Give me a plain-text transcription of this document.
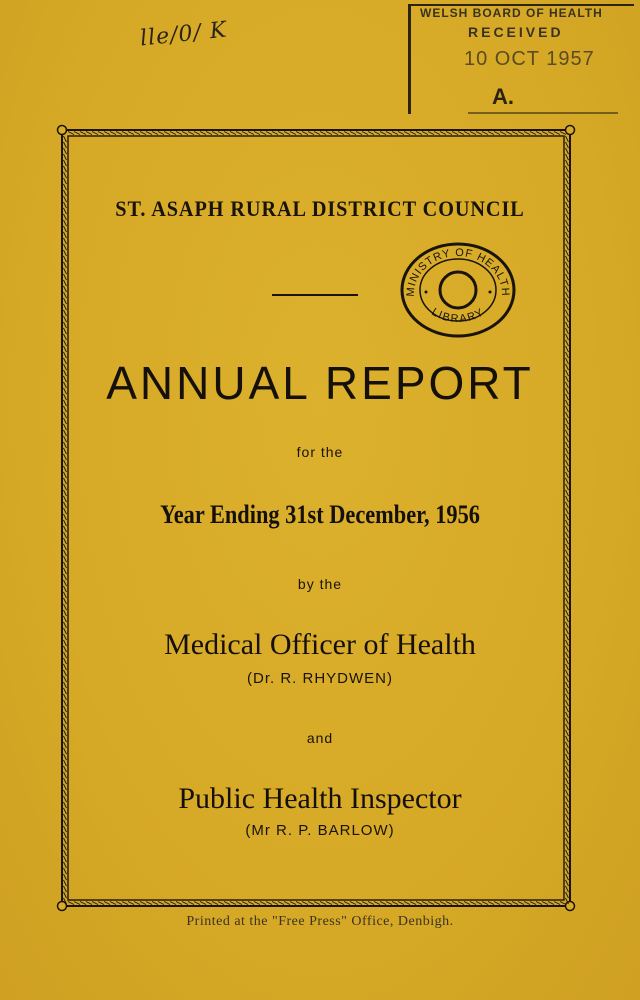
lle/0/ K
WELSH BOARD OF HEALTH
RECEIVED
10 OCT 1957
A.
ST. ASAPH RURAL DISTRICT COUNCIL
MINISTRY OF HEALTH
LIBRARY
ANNUAL REPORT
for the
Year Ending 31st December, 1956
by the
Medical Officer of Health
(Dr. R. RHYDWEN)
and
Public Health Inspector
(Mr R. P. BARLOW)
Printed at the "Free Press" Office, Denbigh.
